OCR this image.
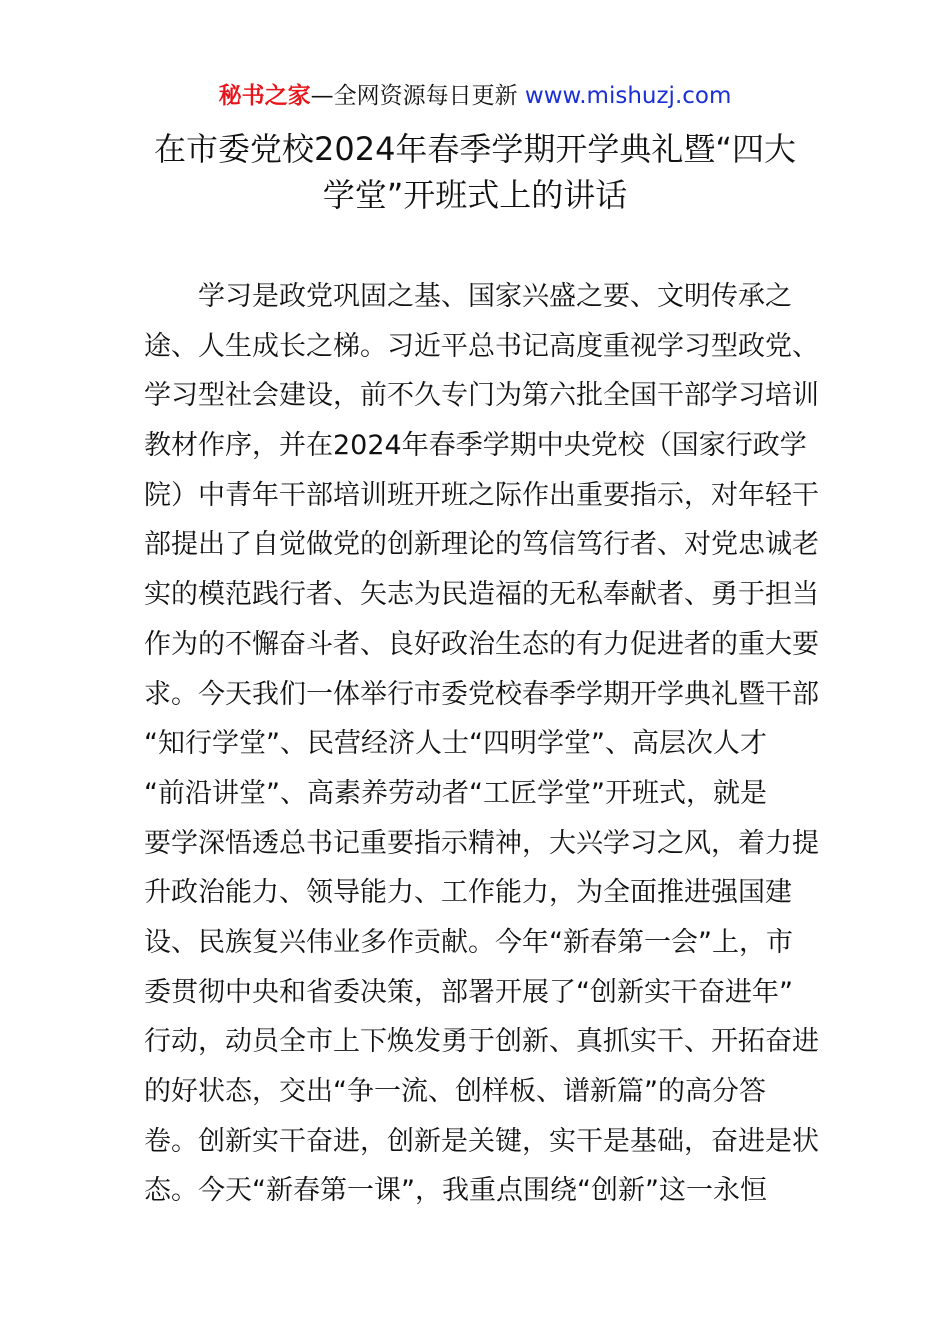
秘书之家—全网资源每日更新 www.mishuzj.com
在市委党校2024年春季学期开学典礼暨“四大
学堂”开班式上的讲话
　　学习是政党巩固之基、国家兴盛之要、文明传承之
途、人生成长之梯。习近平总书记高度重视学习型政党、
学习型社会建设，前不久专门为第六批全国干部学习培训
教材作序，并在2024年春季学期中央党校（国家行政学
院）中青年干部培训班开班之际作出重要指示，对年轻干
部提出了自觉做党的创新理论的笃信笃行者、对党忠诚老
实的模范践行者、矢志为民造福的无私奉献者、勇于担当
作为的不懈奋斗者、良好政治生态的有力促进者的重大要
求。今天我们一体举行市委党校春季学期开学典礼暨干部
“知行学堂”、民营经济人士“四明学堂”、高层次人才
“前沿讲堂”、高素养劳动者“工匠学堂”开班式，就是
要学深悟透总书记重要指示精神，大兴学习之风，着力提
升政治能力、领导能力、工作能力，为全面推进强国建
设、民族复兴伟业多作贡献。今年“新春第一会”上，市
委贯彻中央和省委决策，部署开展了“创新实干奋进年”
行动，动员全市上下焕发勇于创新、真抓实干、开拓奋进
的好状态，交出“争一流、创样板、谱新篇”的高分答
卷。创新实干奋进，创新是关键，实干是基础，奋进是状
态。今天“新春第一课”，我重点围绕“创新”这一永恒
